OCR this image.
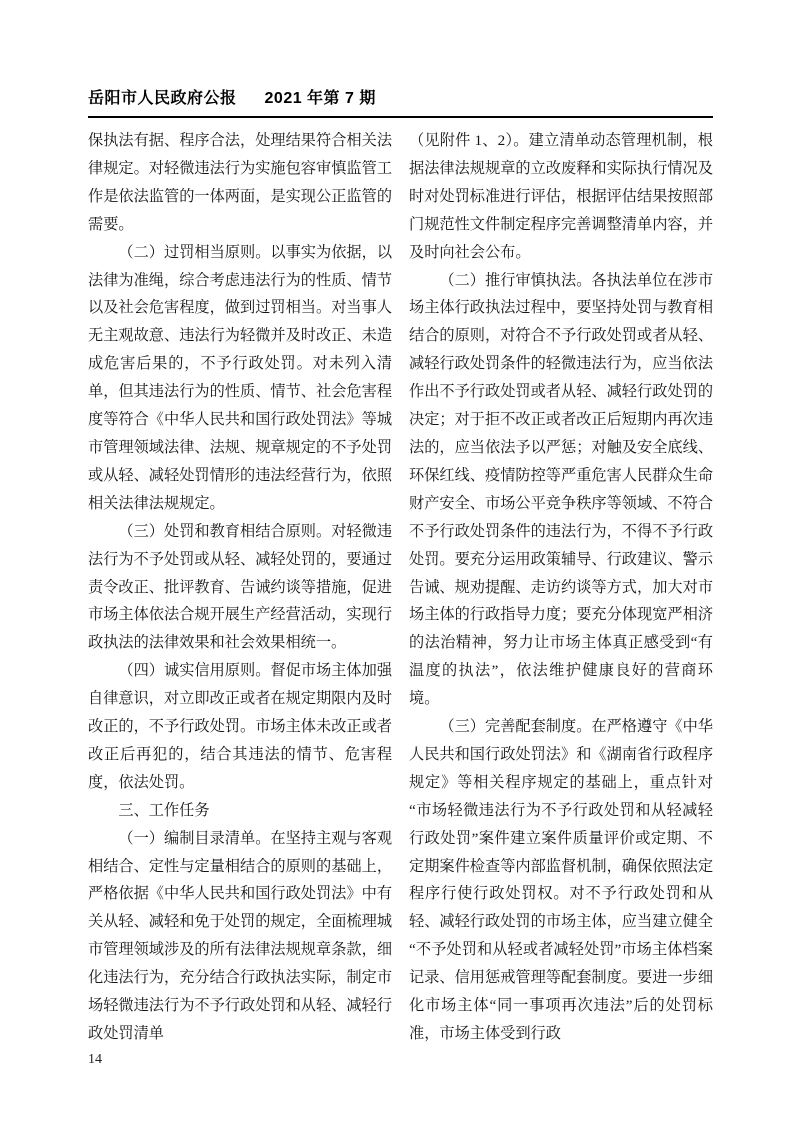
岳阳市人民政府公报 2021 年第 7 期

保执法有据、程序合法，处理结果符合相关法律规定。对轻微违法行为实施包容审慎监管工作是依法监管的一体两面，是实现公正监管的需要。

（二）过罚相当原则。以事实为依据，以法律为准绳，综合考虑违法行为的性质、情节以及社会危害程度，做到过罚相当。对当事人无主观故意、违法行为轻微并及时改正、未造成危害后果的，不予行政处罚。对未列入清单，但其违法行为的性质、情节、社会危害程度等符合《中华人民共和国行政处罚法》等城市管理领域法律、法规、规章规定的不予处罚或从轻、减轻处罚情形的违法经营行为，依照相关法律法规规定。

（三）处罚和教育相结合原则。对轻微违法行为不予处罚或从轻、减轻处罚的，要通过责令改正、批评教育、告诫约谈等措施，促进市场主体依法合规开展生产经营活动，实现行政执法的法律效果和社会效果相统一。

（四）诚实信用原则。督促市场主体加强自律意识，对立即改正或者在规定期限内及时改正的，不予行政处罚。市场主体未改正或者改正后再犯的，结合其违法的情节、危害程度，依法处罚。

三、工作任务

（一）编制目录清单。在坚持主观与客观相结合、定性与定量相结合的原则的基础上，严格依据《中华人民共和国行政处罚法》中有关从轻、减轻和免于处罚的规定，全面梳理城市管理领域涉及的所有法律法规规章条款，细化违法行为，充分结合行政执法实际，制定市场轻微违法行为不予行政处罚和从轻、减轻行政处罚清单

（见附件 1、2）。建立清单动态管理机制，根据法律法规规章的立改废释和实际执行情况及时对处罚标准进行评估，根据评估结果按照部门规范性文件制定程序完善调整清单内容，并及时向社会公布。

（二）推行审慎执法。各执法单位在涉市场主体行政执法过程中，要坚持处罚与教育相结合的原则，对符合不予行政处罚或者从轻、减轻行政处罚条件的轻微违法行为，应当依法作出不予行政处罚或者从轻、减轻行政处罚的决定；对于拒不改正或者改正后短期内再次违法的，应当依法予以严惩；对触及安全底线、环保红线、疫情防控等严重危害人民群众生命财产安全、市场公平竞争秩序等领域、不符合不予行政处罚条件的违法行为，不得不予行政处罚。要充分运用政策辅导、行政建议、警示告诫、规劝提醒、走访约谈等方式，加大对市场主体的行政指导力度；要充分体现宽严相济的法治精神，努力让市场主体真正感受到“有温度的执法”，依法维护健康良好的营商环境。

（三）完善配套制度。在严格遵守《中华人民共和国行政处罚法》和《湖南省行政程序规定》等相关程序规定的基础上，重点针对“市场轻微违法行为不予行政处罚和从轻减轻行政处罚”案件建立案件质量评价或定期、不定期案件检查等内部监督机制，确保依照法定程序行使行政处罚权。对不予行政处罚和从轻、减轻行政处罚的市场主体，应当建立健全“不予处罚和从轻或者减轻处罚”市场主体档案记录、信用惩戒管理等配套制度。要进一步细化市场主体“同一事项再次违法”后的处罚标准，市场主体受到行政

14
